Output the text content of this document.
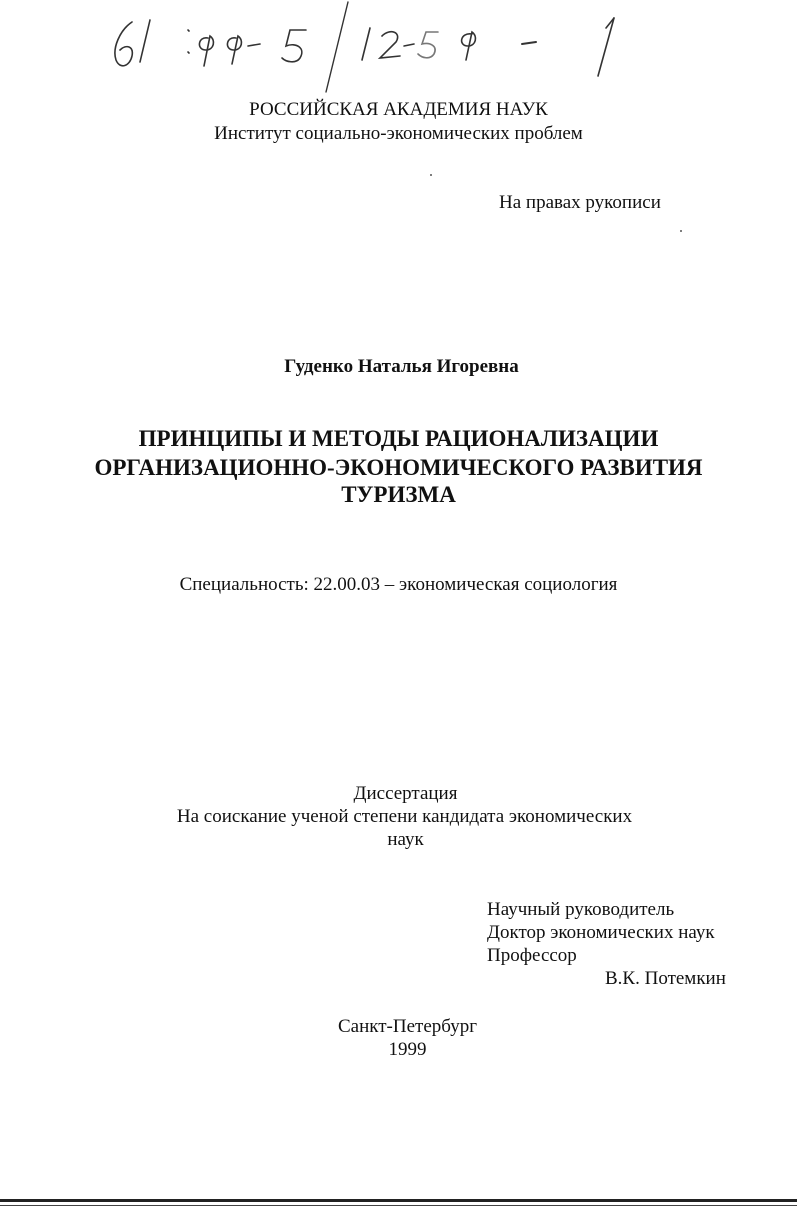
РОССИЙСКАЯ АКАДЕМИЯ НАУК
Институт социально-экономических проблем
На правах рукописи
Гуденко Наталья Игоревна
ПРИНЦИПЫ И МЕТОДЫ РАЦИОНАЛИЗАЦИИ
ОРГАНИЗАЦИОННО-ЭКОНОМИЧЕСКОГО РАЗВИТИЯ
ТУРИЗМА
Специальность: 22.00.03 – экономическая социология
Диссертация
На соискание ученой степени кандидата экономических
наук
Научный руководитель
Доктор экономических наук
Профессор
В.К. Потемкин
Санкт-Петербург
1999
